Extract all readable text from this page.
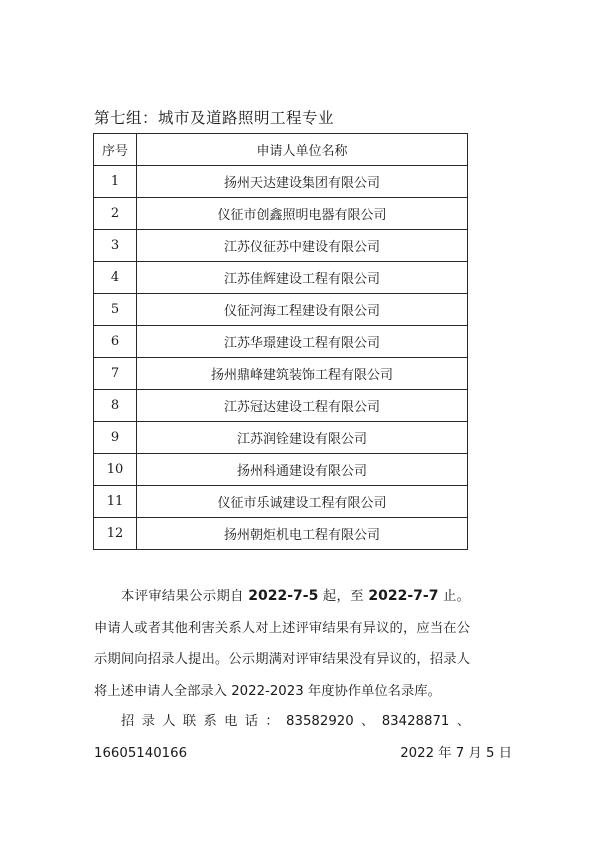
第七组：城市及道路照明工程专业
序号	申请人单位名称
1	扬州天达建设集团有限公司
2	仪征市创鑫照明电器有限公司
3	江苏仪征苏中建设有限公司
4	江苏佳辉建设工程有限公司
5	仪征河海工程建设有限公司
6	江苏华璟建设工程有限公司
7	扬州鼎峰建筑装饰工程有限公司
8	江苏冠达建设工程有限公司
9	江苏润铨建设有限公司
10	扬州科通建设有限公司
11	仪征市乐诚建设工程有限公司
12	扬州朝炬机电工程有限公司
本评审结果公示期自 2022-7-5 起，至 2022-7-7 止。申请人或者其他利害关系人对上述评审结果有异议的，应当在公示期间向招录人提出。公示期满对评审结果没有异议的，招录人将上述申请人全部录入 2022-2023 年度协作单位名录库。
招录人联系电话：83582920、83428871、16605140166	2022 年 7 月 5 日
